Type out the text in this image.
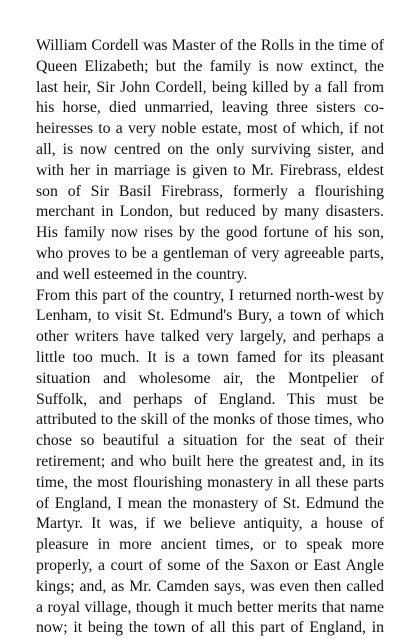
William Cordell was Master of the Rolls in the time of
Queen Elizabeth; but the family is now extinct, the
last heir, Sir John Cordell, being killed by a fall from
his horse, died unmarried, leaving three sisters co-
heiresses to a very noble estate, most of which, if not
all, is now centred on the only surviving sister, and
with her in marriage is given to Mr. Firebrass, eldest
son of Sir Basil Firebrass, formerly a flourishing
merchant in London, but reduced by many disasters.
His family now rises by the good fortune of his son,
who proves to be a gentleman of very agreeable parts,
and well esteemed in the country.
From this part of the country, I returned north-west by
Lenham, to visit St. Edmund's Bury, a town of which
other writers have talked very largely, and perhaps a
little too much. It is a town famed for its pleasant
situation and wholesome air, the Montpelier of
Suffolk, and perhaps of England. This must be
attributed to the skill of the monks of those times, who
chose so beautiful a situation for the seat of their
retirement; and who built here the greatest and, in its
time, the most flourishing monastery in all these parts
of England, I mean the monastery of St. Edmund the
Martyr. It was, if we believe antiquity, a house of
pleasure in more ancient times, or to speak more
properly, a court of some of the Saxon or East Angle
kings; and, as Mr. Camden says, was even then called
a royal village, though it much better merits that name
now; it being the town of all this part of England, in
